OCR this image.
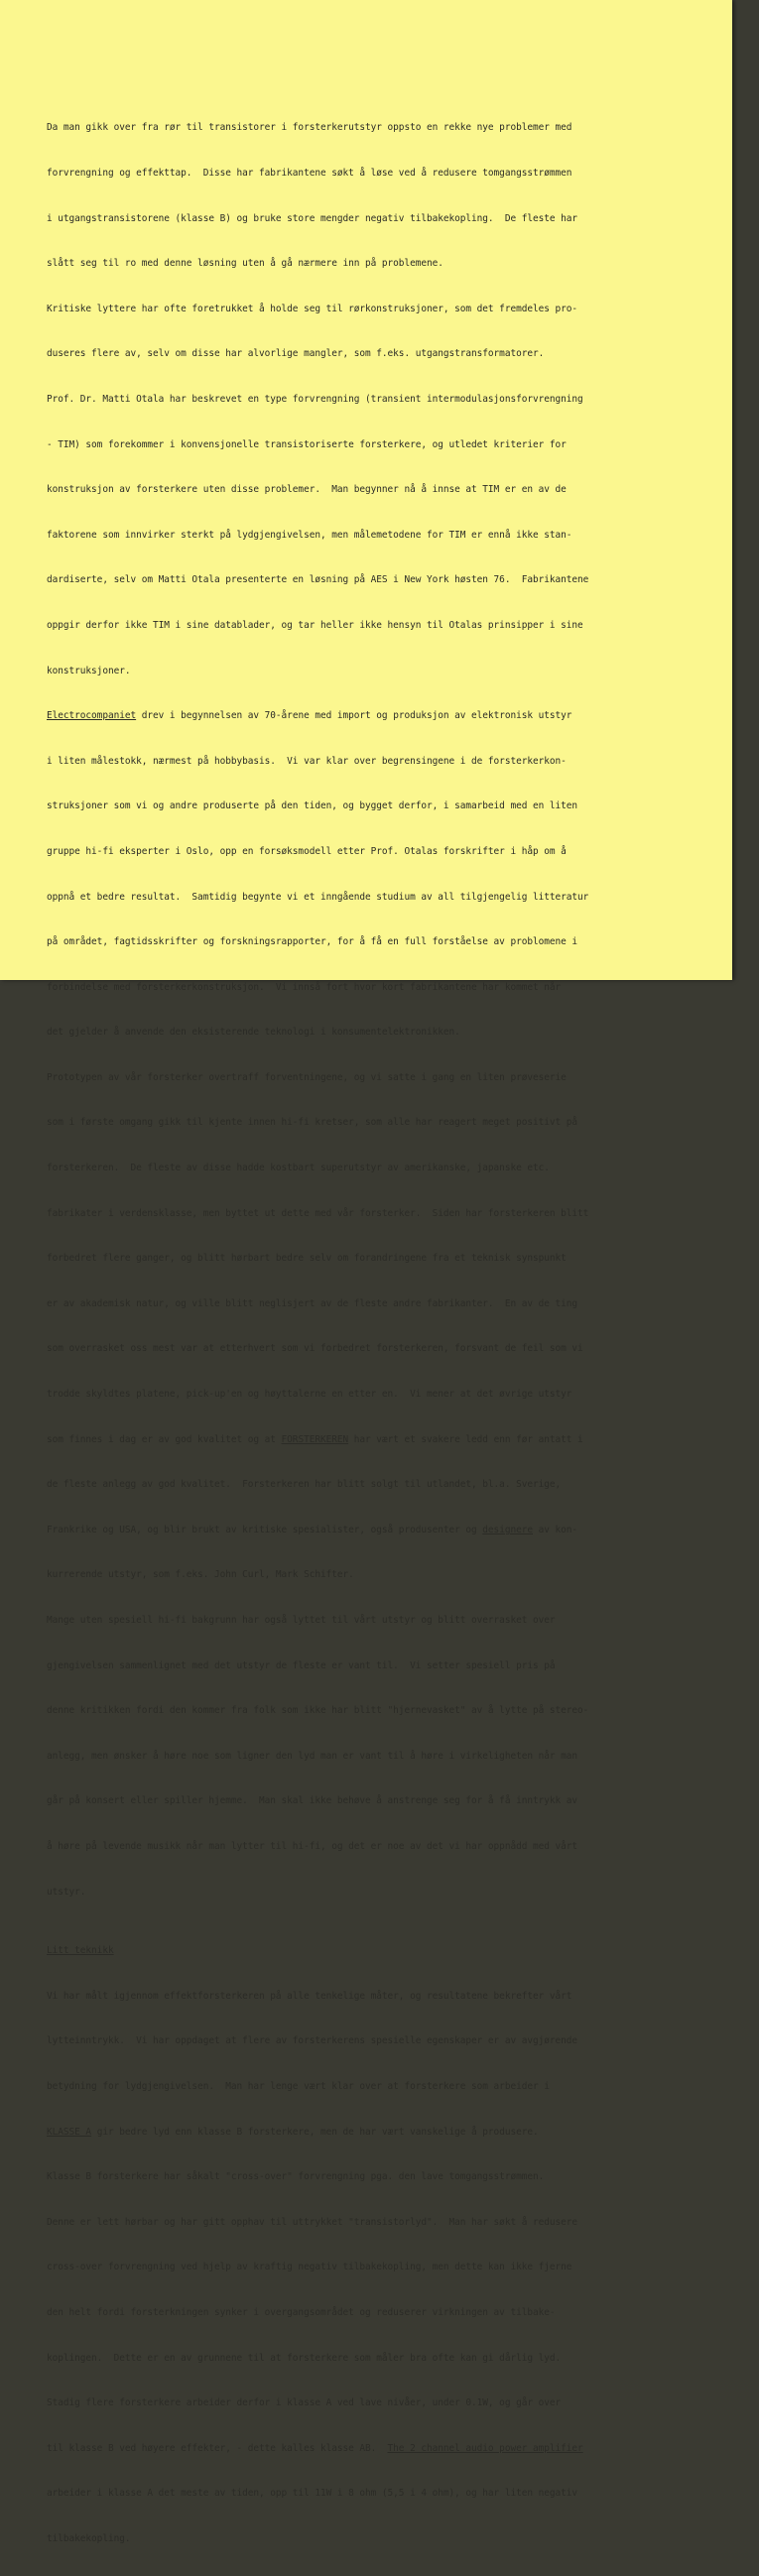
Da man gikk over fra rør til transistorer i forsterkerutstyr oppsto en rekke nye problemer med

forvrengning og effekttap.  Disse har fabrikantene søkt å løse ved å redusere tomgangsstrømmen

i utgangstransistorene (klasse B) og bruke store mengder negativ tilbakekopling.  De fleste har

slått seg til ro med denne løsning uten å gå nærmere inn på problemene.

Kritiske lyttere har ofte foretrukket å holde seg til rørkonstruksjoner, som det fremdeles pro-

duseres flere av, selv om disse har alvorlige mangler, som f.eks. utgangstransformatorer.

Prof. Dr. Matti Otala har beskrevet en type forvrengning (transient intermodulasjonsforvrengning

- TIM) som forekommer i konvensjonelle transistoriserte forsterkere, og utledet kriterier for

konstruksjon av forsterkere uten disse problemer.  Man begynner nå å innse at TIM er en av de

faktorene som innvirker sterkt på lydgjengivelsen, men målemetodene for TIM er ennå ikke stan-

dardiserte, selv om Matti Otala presenterte en løsning på AES i New York høsten 76.  Fabrikantene

oppgir derfor ikke TIM i sine datablader, og tar heller ikke hensyn til Otalas prinsipper i sine

konstruksjoner.

Electrocompaniet drev i begynnelsen av 70-årene med import og produksjon av elektronisk utstyr

i liten målestokk, nærmest på hobbybasis.  Vi var klar over begrensingene i de forsterkerkon-

struksjoner som vi og andre produserte på den tiden, og bygget derfor, i samarbeid med en liten

gruppe hi-fi eksperter i Oslo, opp en forsøksmodell etter Prof. Otalas forskrifter i håp om å

oppnå et bedre resultat.  Samtidig begynte vi et inngående studium av all tilgjengelig litteratur

på området, fagtidsskrifter og forskningsrapporter, for å få en full forståelse av problomene i

forbindelse med forsterkerkonstruksjon.  Vi innså fort hvor kort fabrikantene har kommet når

det gjelder å anvende den eksisterende teknologi i konsumentelektronikken.

Prototypen av vår forsterker overtraff forventningene, og vi satte i gang en liten prøveserie

som i første omgang gikk til kjente innen hi-fi kretser, som alle har reagert meget positivt på

forsterkeren.  De fleste av disse hadde kostbart superutstyr av amerikanske, japanske etc.

fabrikater i verdensklasse, men byttet ut dette med vår forsterker.  Siden har forsterkeren blitt

forbedret flere ganger, og blitt hørbart bedre selv om forandringene fra et teknisk synspunkt

er av akademisk natur, og ville blitt neglisjert av de fleste andre fabrikanter.  En av de ting

som overrasket oss mest var at etterhvert som vi forbedret forsterkeren, forsvant de feil som vi

trodde skyldtes platene, pick-up'en og høyttalerne en etter en.  Vi mener at det øvrige utstyr

som finnes i dag er av god kvalitet og at FORSTERKEREN har vært et svakere ledd enn før antatt i

de fleste anlegg av god kvalitet.  Forsterkeren har blitt solgt til utlandet, bl.a. Sverige,

Frankrike og USA, og blir brukt av kritiske spesialister, også produsenter og designere av kon-

kurrerende utstyr, som f.eks. John Curl, Mark Schifter.

Mange uten spesiell hi-fi bakgrunn har også lyttet til vårt utstyr og blitt overrasket over

gjengivelsen sammenlignet med det utstyr de fleste er vant til.  Vi setter spesiell pris på

denne kritikken fordi den kommer fra folk som ikke har blitt "hjernevasket" av å lytte på stereo-

anlegg, men ønsker å høre noe som ligner den lyd man er vant til å høre i virkeligheten når man

går på konsert eller spiller hjemme.  Man skal ikke behøve å anstrenge seg for å få inntrykk av

å høre på levende musikk når man lytter til hi-fi, og det er noe av det vi har oppnådd med vårt

utstyr.

Litt teknikk

Vi har målt igjennom effektforsterkeren på alle tenkelige måter, og resultatene bekrefter vårt

lytteinntrykk.  Vi har oppdaget at flere av forsterkerens spesielle egenskaper er av avgjørende

betydning for lydgjengivelsen.  Man har lenge vært klar over at forsterkere som arbeider i

KLASSE A gir bedre lyd enn klasse B forsterkere, men de har vært vanskelige å produsere.

Klasse B forsterkere har såkalt "cross-over" forvrengning pga. den lave tomgangsstrømmen.

Denne er lett hørbar og har gitt opphav til uttrykket "transistorlyd".  Man har søkt å redusere

cross-over forvrengning ved hjelp av kraftig negativ tilbakekopling, men dette kan ikke fjerne

den helt fordi forsterkningen synker i overgangsområdet og reduserer virkningen av tilbake-

koplingen.  Dette er en av grunnene til at forsterkere som måler bra ofte kan gi dårlig lyd.

Stadig flere forsterkere arbeider derfor i klasse A ved lave nivåer, under 0.1W, og går over

til klasse B ved høyere effekter, - dette kalles klasse AB.  The 2 channel audio power amplifier

arbeider i klasse A det meste av tiden, opp til 11W i 8 ohm (5,5 i 4 ohm), og har liten negativ

tilbakekopling.
